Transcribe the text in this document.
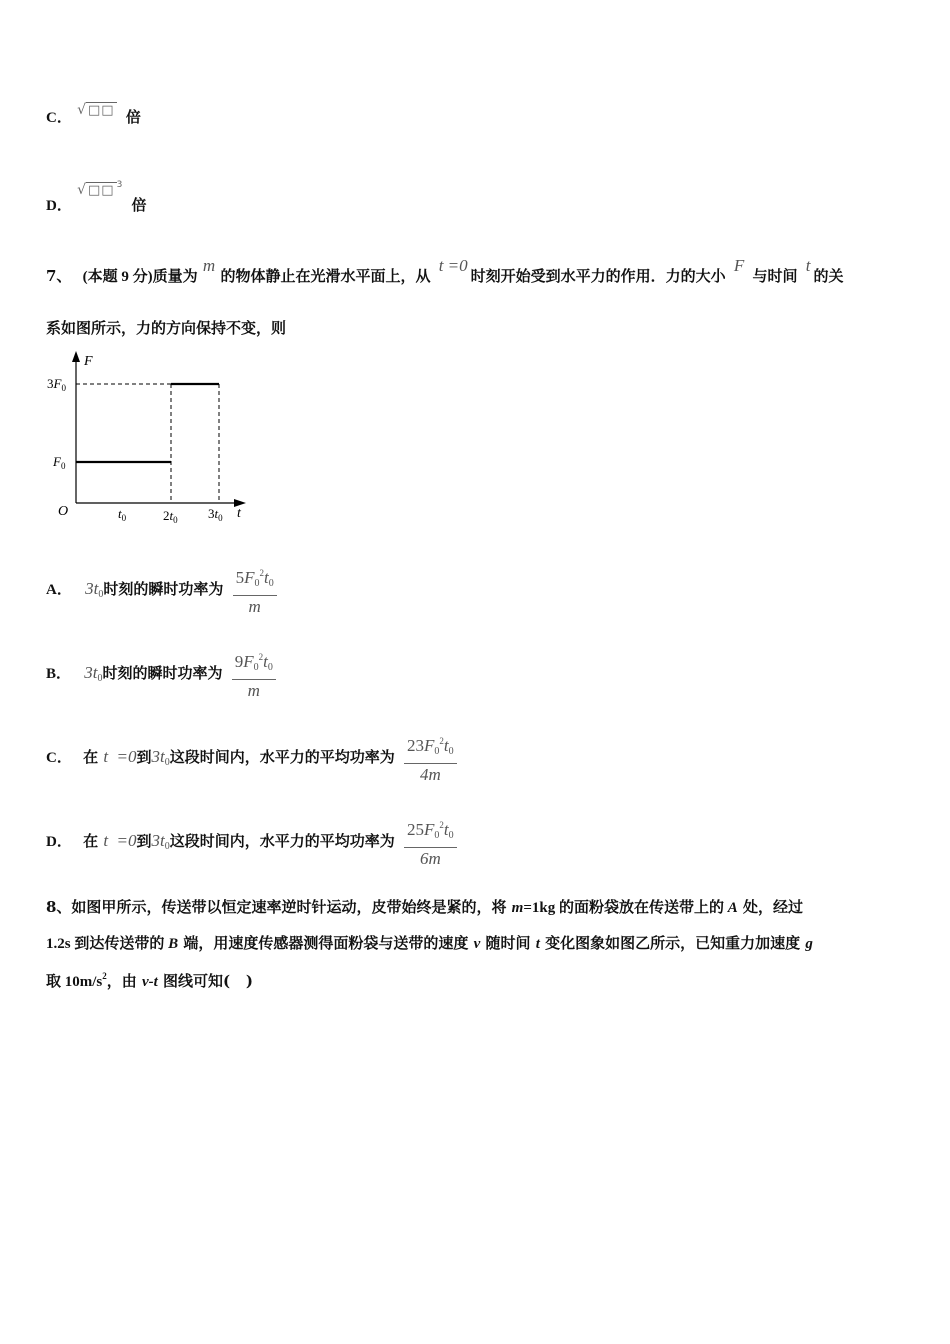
C． √ □□ 倍
D． √ □□ $^3$ 倍
7、 (本题 9 分)质量为 m 的物体静止在光滑水平面上，从 t =0时刻开始受到水平力的作用．力的大小 F 与时间 t的关
系如图所示，力的方向保持不变，则
F
t
O
$3F_0$
$F_0$
$t_0$	$2t_0$ $3t_0$
A． $3t_0$时刻的瞬时功率为 $\frac{5F_0^2t_0}{m}$
B． $3t_0$时刻的瞬时功率为 $\frac{9F_0^2t_0}{m}$
C． 在 t  =0到$3t_0$这段时间内，水平力的平均功率为 $\frac{23F_0^2t_0}{4m}$
D． 在 t  =0到$3t_0$这段时间内，水平力的平均功率为 $\frac{25F_0^2t_0}{6m}$
8、如图甲所示，传送带以恒定速率逆时针运动，皮带始终是紧的，将 m=1kg 的面粉袋放在传送带上的 A 处，经过
1.2s 到达传送带的 B 端，用速度传感器测得面粉袋与送带的速度 v 随时间 t 变化图象如图乙所示，已知重力加速度 g
取 $10m/s^2$，由 v-t 图线可知(   )
